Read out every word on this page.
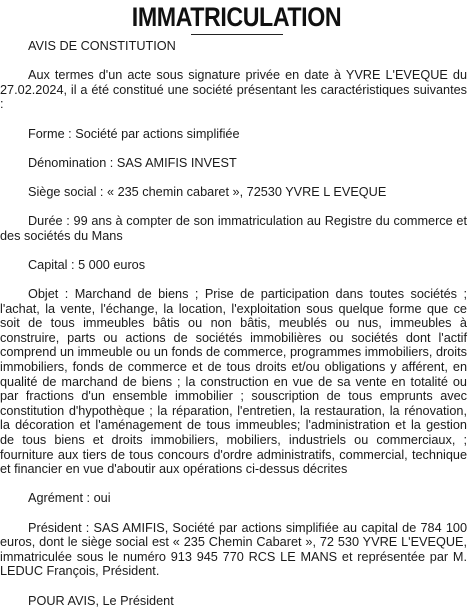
IMMATRICULATION

AVIS DE CONSTITUTION

Aux termes d'un acte sous signature privée en date à YVRE L'EVEQUE du 27.02.2024, il a été constitué une société présentant les caractéristiques suivantes :

Forme : Société par actions simplifiée

Dénomination : SAS AMIFIS INVEST

Siège social : « 235 chemin cabaret », 72530 YVRE L EVEQUE

Durée : 99 ans à compter de son immatriculation au Registre du commerce et des sociétés du Mans

Capital : 5 000 euros

Objet : Marchand de biens ; Prise de participation dans toutes sociétés ; l'achat, la vente, l'échange, la location, l'exploitation sous quelque forme que ce soit de tous immeubles bâtis ou non bâtis, meublés ou nus, immeubles à construire, parts ou actions de sociétés immobilières ou sociétés dont l'actif comprend un immeuble ou un fonds de commerce, programmes immobiliers, droits immobiliers, fonds de commerce et de tous droits et/ou obligations y afférent, en qualité de marchand de biens ; la construction en vue de sa vente en totalité ou par fractions d'un ensemble immobilier ; souscription de tous emprunts avec constitution d'hypothèque ; la réparation, l'entretien, la restauration, la rénovation, la décoration et l'aménagement de tous immeubles; l'administration et la gestion de tous biens et droits immobiliers, mobiliers, industriels ou commerciaux, ; fourniture aux tiers de tous concours d'ordre administratifs, commercial, technique et financier en vue d'aboutir aux opérations ci-dessus décrites

Agrément : oui

Président : SAS AMIFIS, Société par actions simplifiée au capital de 784 100 euros, dont le siège social est « 235 Chemin Cabaret », 72 530 YVRE L'EVEQUE, immatriculée sous le numéro 913 945 770 RCS LE MANS et représentée par M. LEDUC François, Président.

POUR AVIS, Le Président
